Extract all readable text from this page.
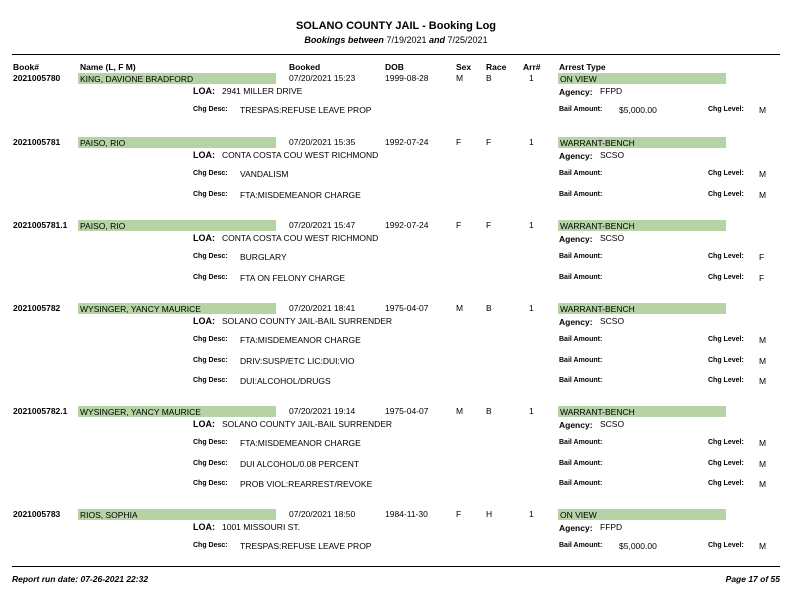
SOLANO COUNTY JAIL - Booking Log
Bookings between 7/19/2021 and 7/25/2021
Book#	Name (L, F M)	Booked	DOB	Sex Race Arr# Arrest Type
2021005780 KING, DAVIONE BRADFORD	07/20/2021 15:23	1999-08-28	M	B	1	ON VIEW
LOA: 2941 MILLER DRIVE	Agency: FFPD
Chg Desc: TRESPAS:REFUSE LEAVE PROP	Bail Amount: $5,000.00	Chg Level: M
2021005781 PAISO, RIO	07/20/2021 15:35	1992-07-24	F	F	1	WARRANT-BENCH
LOA: CONTA COSTA COU WEST RICHMOND	Agency: SCSO
Chg Desc: VANDALISM	Bail Amount:	Chg Level: M
Chg Desc: FTA:MISDEMEANOR CHARGE	Bail Amount:	Chg Level: M
2021005781.1 PAISO, RIO	07/20/2021 15:47	1992-07-24	F	F	1	WARRANT-BENCH
LOA: CONTA COSTA COU WEST RICHMOND	Agency: SCSO
Chg Desc: BURGLARY	Bail Amount:	Chg Level: F
Chg Desc: FTA ON FELONY CHARGE	Bail Amount:	Chg Level: F
2021005782 WYSINGER, YANCY MAURICE	07/20/2021 18:41	1975-04-07	M	B	1	WARRANT-BENCH
LOA: SOLANO COUNTY JAIL-BAIL SURRENDER	Agency: SCSO
Chg Desc: FTA:MISDEMEANOR CHARGE	Bail Amount:	Chg Level: M
Chg Desc: DRIV:SUSP/ETC LIC:DUI:VIO	Bail Amount:	Chg Level: M
Chg Desc: DUI:ALCOHOL/DRUGS	Bail Amount:	Chg Level: M
2021005782.1 WYSINGER, YANCY MAURICE	07/20/2021 19:14	1975-04-07	M	B	1	WARRANT-BENCH
LOA: SOLANO COUNTY JAIL-BAIL SURRENDER	Agency: SCSO
Chg Desc: FTA:MISDEMEANOR CHARGE	Bail Amount:	Chg Level: M
Chg Desc: DUI ALCOHOL/0.08 PERCENT	Bail Amount:	Chg Level: M
Chg Desc: PROB VIOL:REARREST/REVOKE	Bail Amount:	Chg Level: M
2021005783 RIOS, SOPHIA	07/20/2021 18:50	1984-11-30	F	H	1	ON VIEW
LOA: 1001 MISSOURI ST.	Agency: FFPD
Chg Desc: TRESPAS:REFUSE LEAVE PROP	Bail Amount: $5,000.00	Chg Level: M
Report run date: 07-26-2021 22:32	Page 17 of 55
